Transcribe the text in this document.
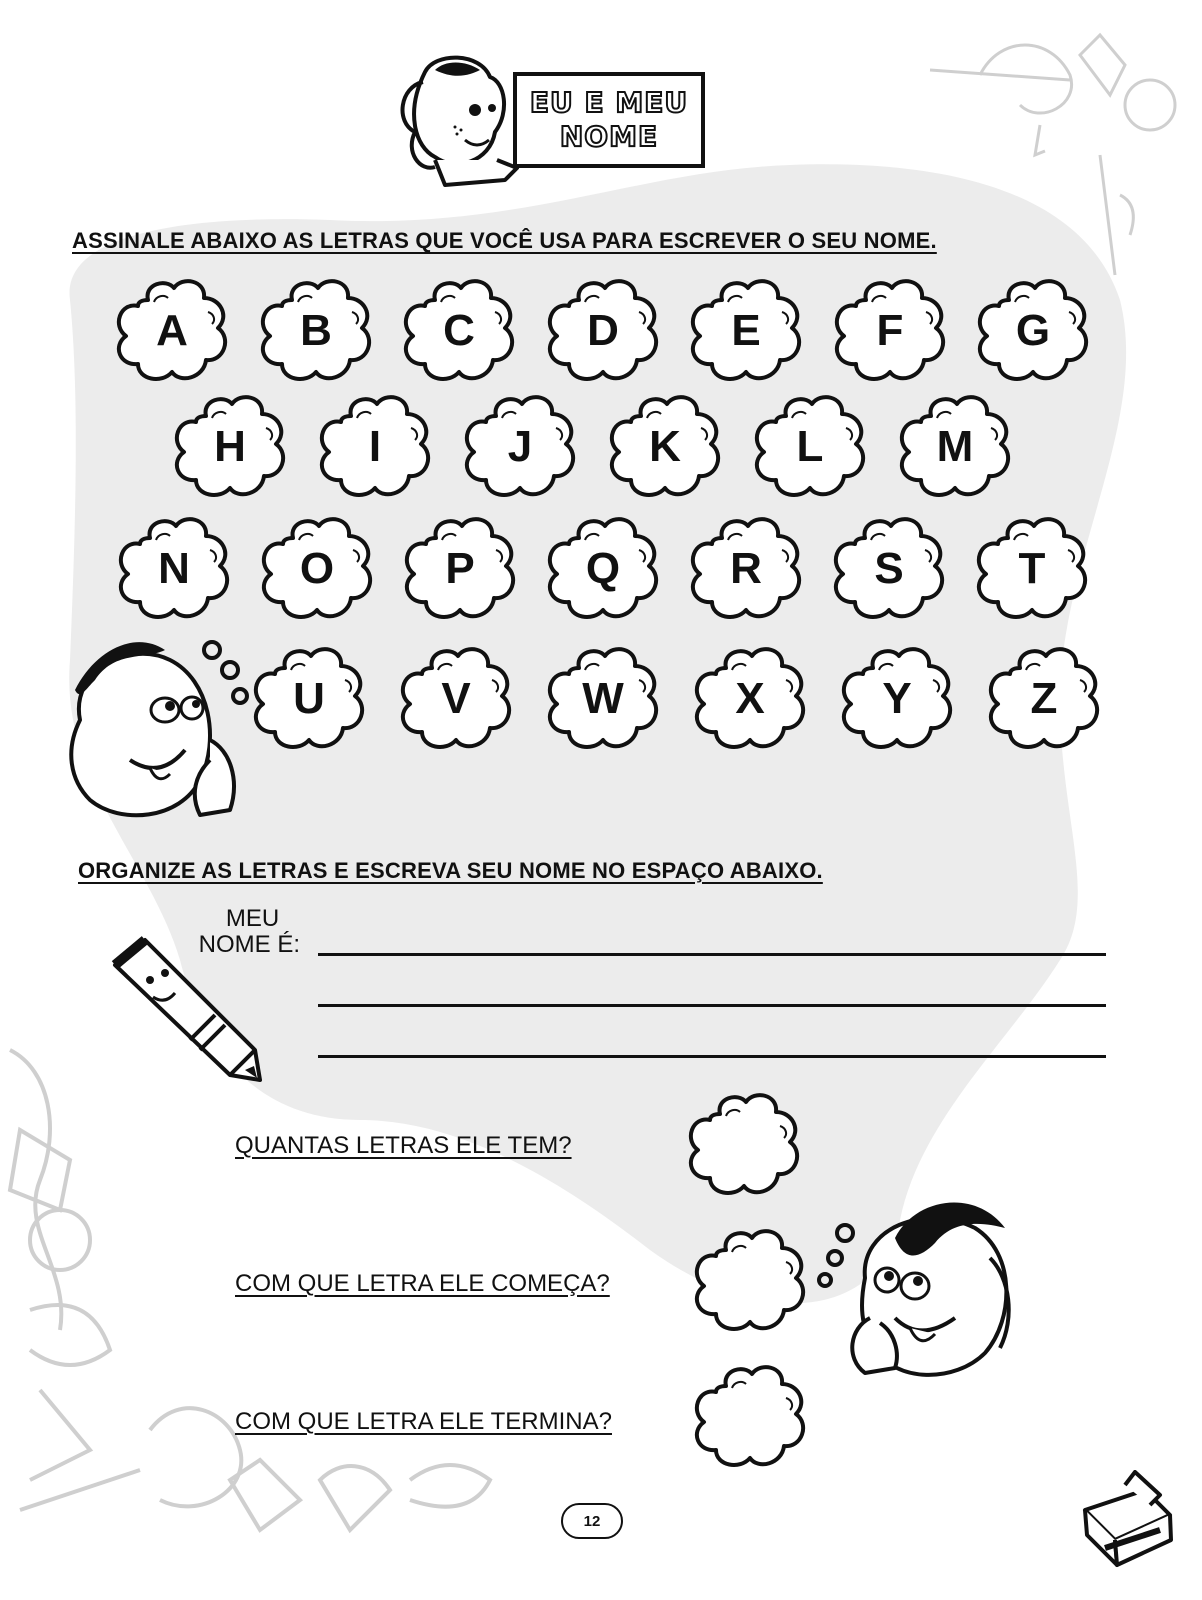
EU E MEU
NOME
ASSINALE ABAIXO AS LETRAS QUE VOCÊ USA PARA ESCREVER O SEU NOME.
A	B	C	D	E	F	G
H	I	J	K	L	M
N	O	P	Q	R	S	T
U	V	W	X	Y	Z
ORGANIZE AS LETRAS E ESCREVA SEU NOME NO ESPAÇO ABAIXO.
MEU
NOME É:
QUANTAS LETRAS ELE TEM?
COM QUE LETRA ELE COMEÇA?
COM QUE LETRA ELE TERMINA?
12
